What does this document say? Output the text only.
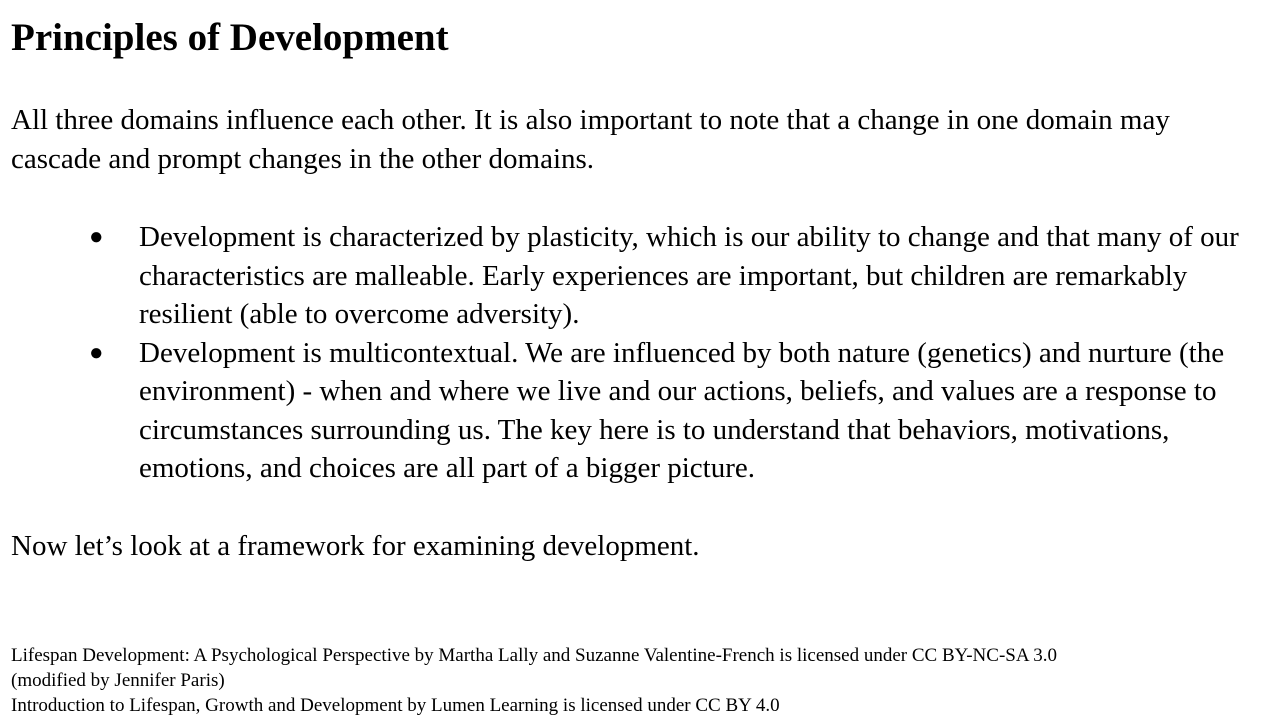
Principles of Development

All three domains influence each other. It is also important to note that a change in one domain may cascade and prompt changes in the other domains.

● Development is characterized by plasticity, which is our ability to change and that many of our characteristics are malleable. Early experiences are important, but children are remarkably resilient (able to overcome adversity).
● Development is multicontextual. We are influenced by both nature (genetics) and nurture (the environment) - when and where we live and our actions, beliefs, and values are a response to circumstances surrounding us. The key here is to understand that behaviors, motivations, emotions, and choices are all part of a bigger picture.

Now let’s look at a framework for examining development.

Lifespan Development: A Psychological Perspective by Martha Lally and Suzanne Valentine-French is licensed under CC BY-NC-SA 3.0
(modified by Jennifer Paris)
Introduction to Lifespan, Growth and Development by Lumen Learning is licensed under CC BY 4.0
